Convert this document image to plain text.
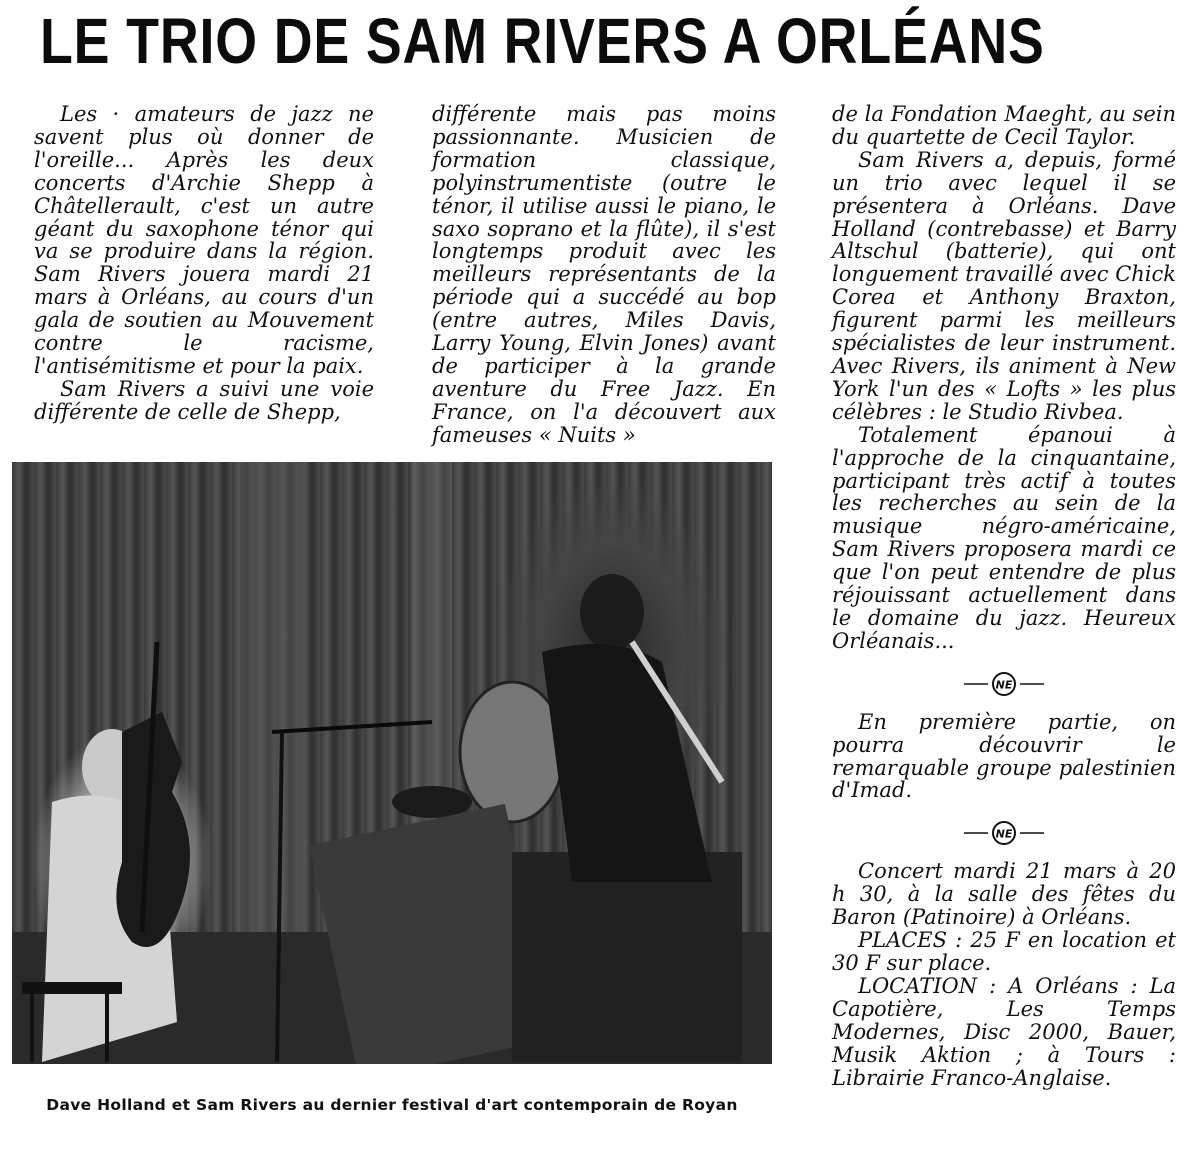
LE TRIO DE SAM RIVERS A ORLÉANS

Les · amateurs de jazz ne savent plus où donner de l'oreille... Après les deux concerts d'Archie Shepp à Châtellerault, c'est un autre géant du saxophone ténor qui va se produire dans la région. Sam Rivers jouera mardi 21 mars à Orléans, au cours d'un gala de soutien au Mouvement contre le racisme, l'antisémitisme et pour la paix.

Sam Rivers a suivi une voie différente de celle de Shepp,

différente mais pas moins passionnante. Musicien de formation classique, polyinstrumentiste (outre le ténor, il utilise aussi le piano, le saxo soprano et la flûte), il s'est longtemps produit avec les meilleurs représentants de la période qui a succédé au bop (entre autres, Miles Davis, Larry Young, Elvin Jones) avant de participer à la grande aventure du Free Jazz. En France, on l'a découvert aux fameuses « Nuits »

de la Fondation Maeght, au sein du quartette de Cecil Taylor.

Sam Rivers a, depuis, formé un trio avec lequel il se présentera à Orléans. Dave Holland (contrebasse) et Barry Altschul (batterie), qui ont longuement travaillé avec Chick Corea et Anthony Braxton, figurent parmi les meilleurs spécialistes de leur instrument. Avec Rivers, ils animent à New York l'un des « Lofts » les plus célèbres : le Studio Rivbea.

Totalement épanoui à l'approche de la cinquantaine, participant très actif à toutes les recherches au sein de la musique négro-américaine, Sam Rivers proposera mardi ce que l'on peut entendre de plus réjouissant actuellement dans le domaine du jazz. Heureux Orléanais...

NE

En première partie, on pourra découvrir le remarquable groupe palestinien d'Imad.

NE

Concert mardi 21 mars à 20 h 30, à la salle des fêtes du Baron (Patinoire) à Orléans.

PLACES : 25 F en location et 30 F sur place.

LOCATION : A Orléans : La Capotière, Les Temps Modernes, Disc 2000, Bauer, Musik Aktion ; à Tours : Librairie Franco-Anglaise.

Dave Holland et Sam Rivers au dernier festival d'art contemporain de Royan
